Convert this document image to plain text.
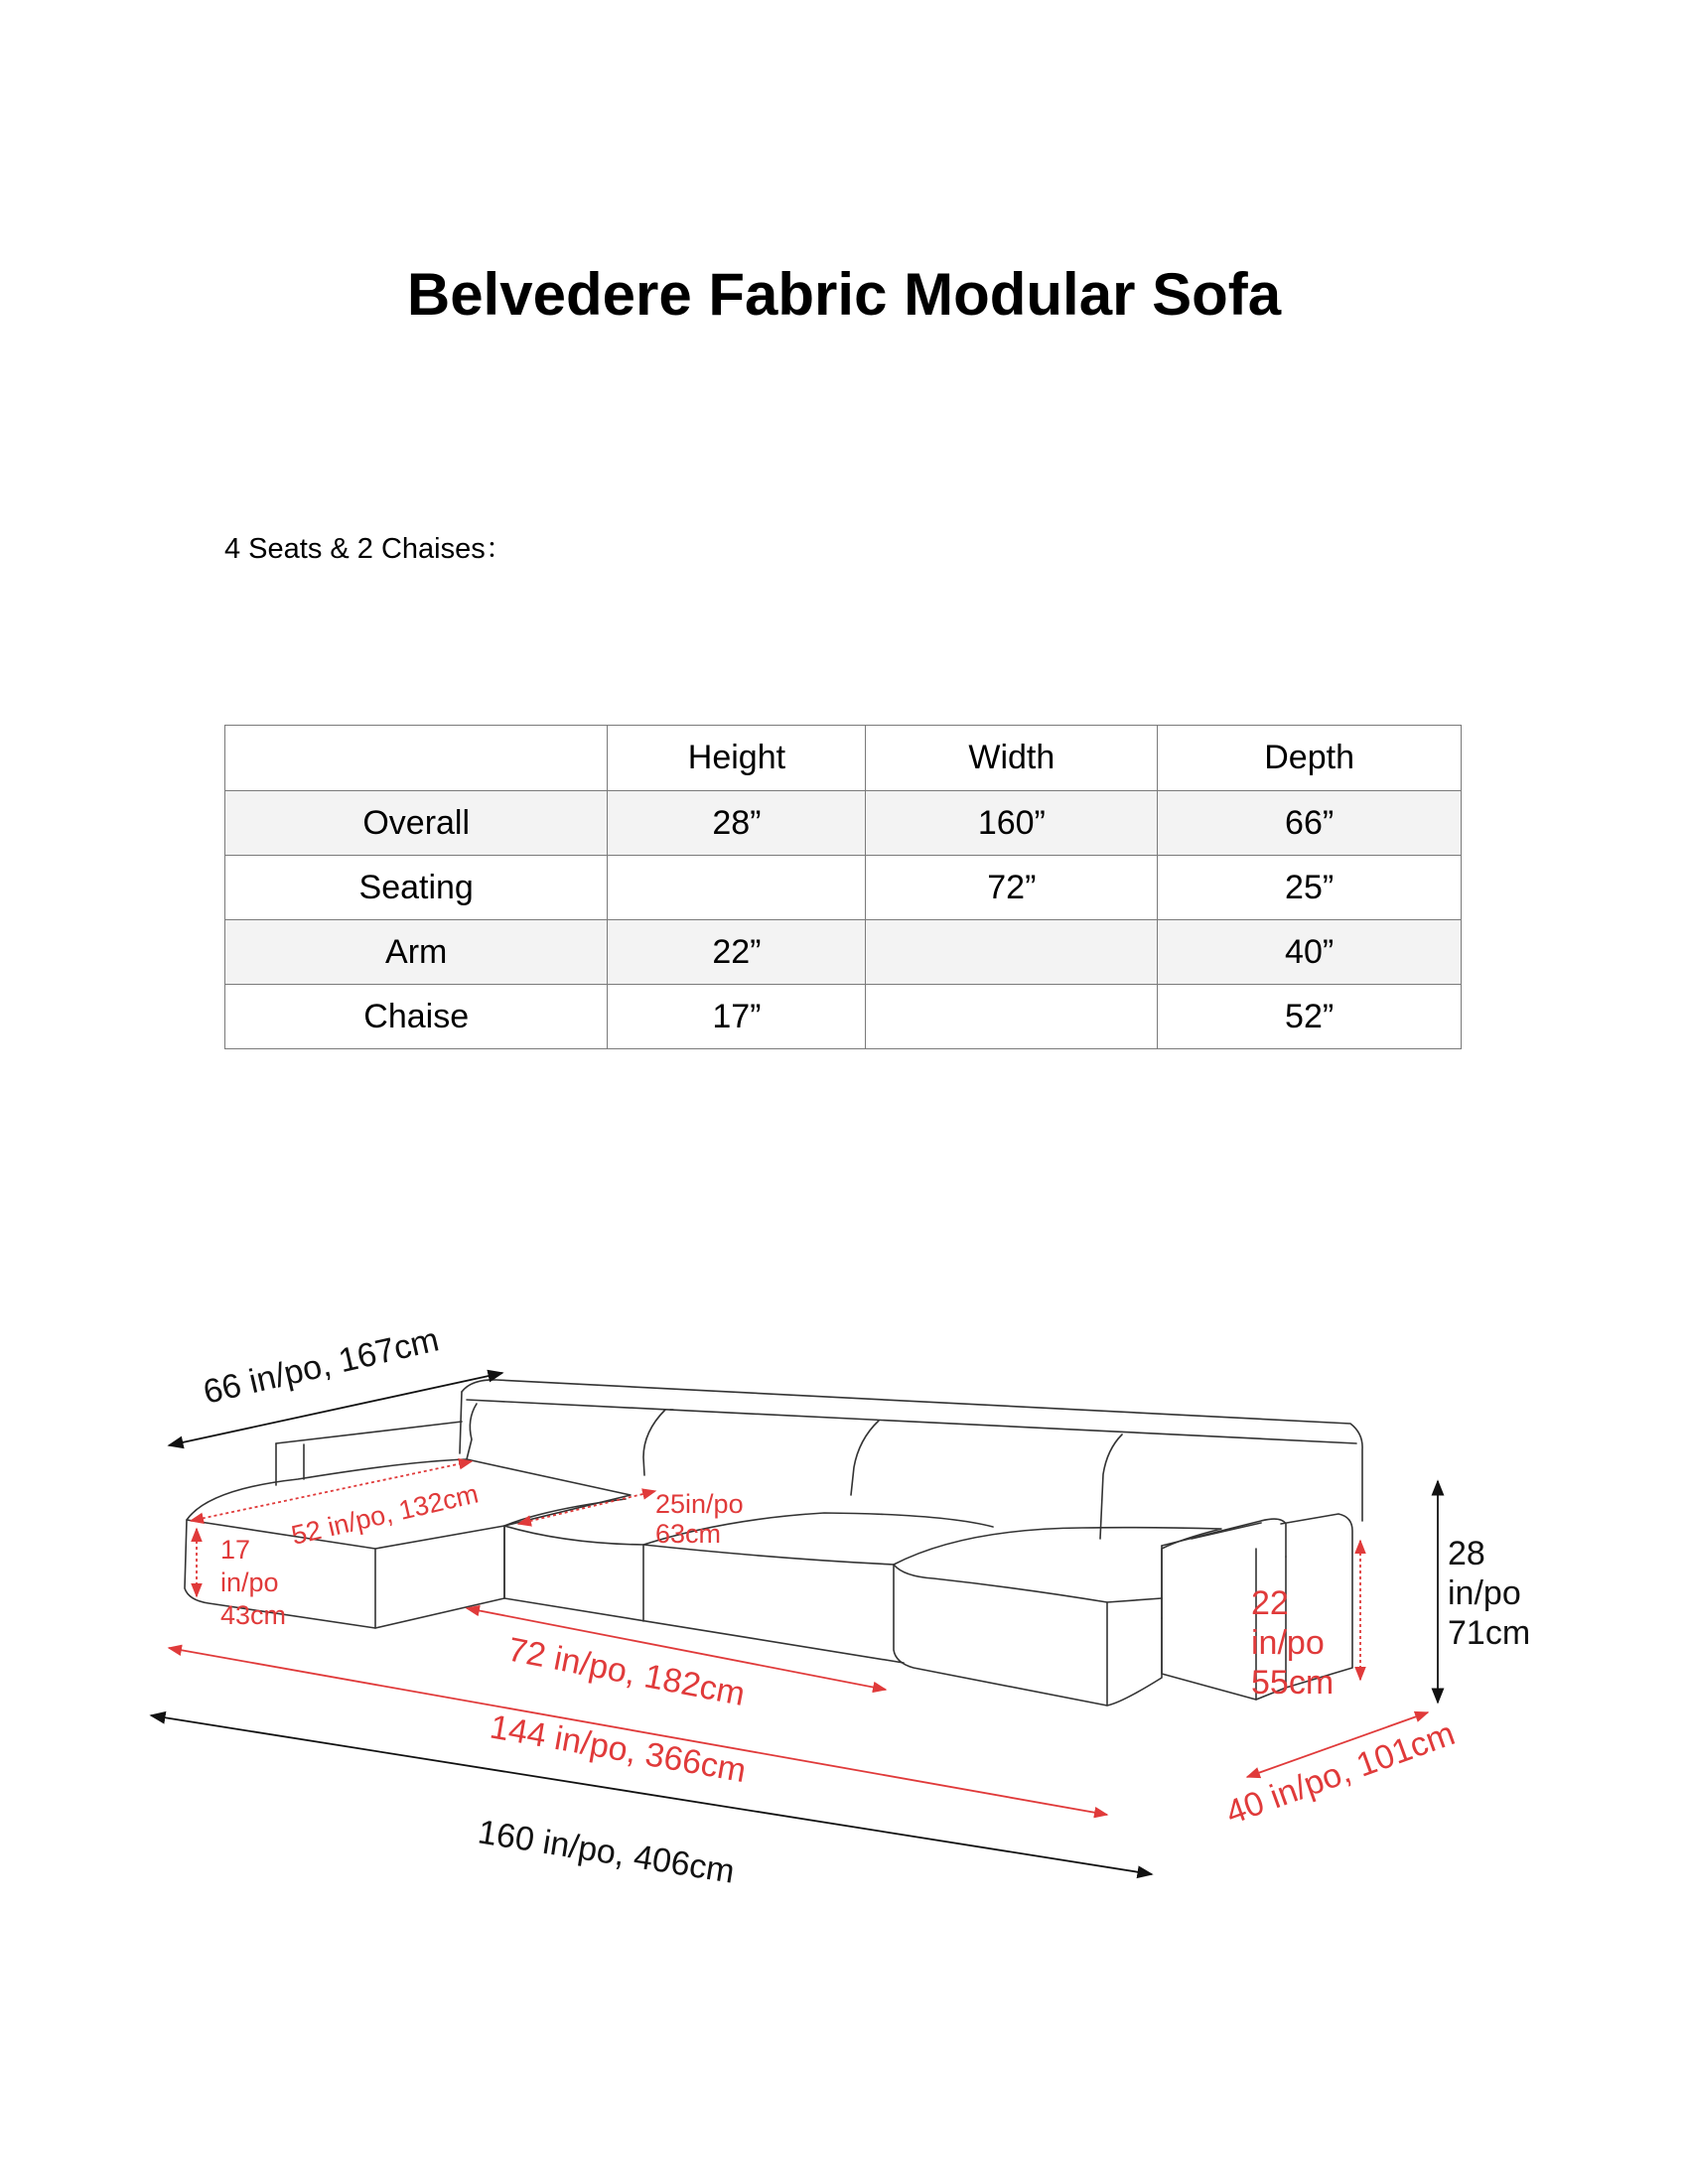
Belvedere Fabric Modular Sofa
4 Seats & 2 Chaises：
	Height	Width	Depth
Overall	28”	160”	66”
Seating		72”	25”
Arm	22”		40”
Chaise	17”		52”
66 in/po, 167cm
160 in/po, 406cm
28
in/po
71cm
52 in/po, 132cm	25in/po
63cm
17
in/po
43cm
72 in/po, 182cm
144 in/po, 366cm
22
in/po
55cm
40 in/po, 101cm
